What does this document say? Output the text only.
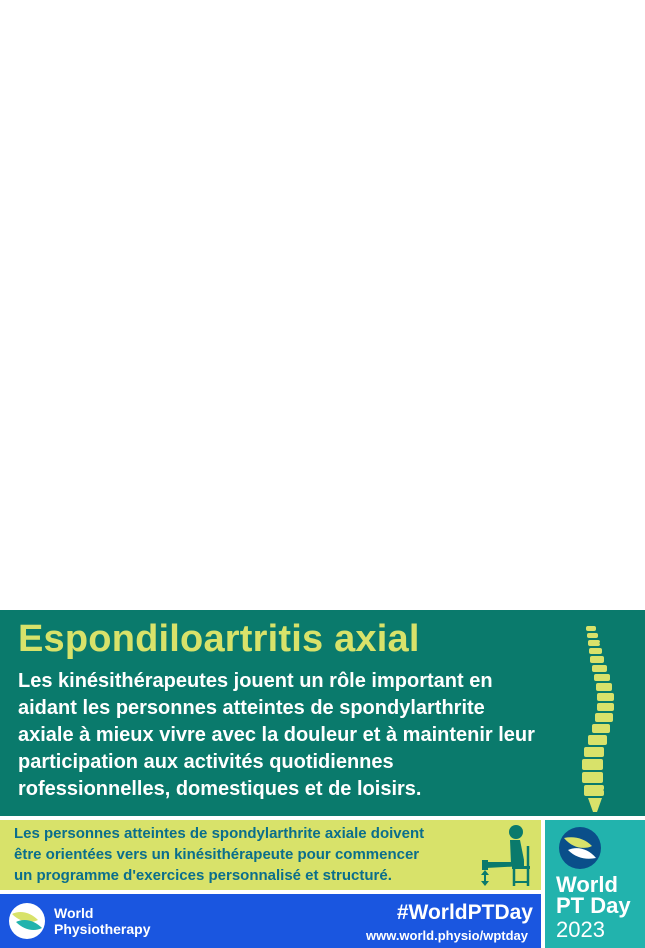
Espondiloartritis axial
Les kinésithérapeutes jouent un rôle important en
aidant les personnes atteintes de spondylarthrite
axiale à mieux vivre avec la douleur et à maintenir leur
participation aux activités quotidiennes
rofessionnelles, domestiques et de loisirs.
Les personnes atteintes de spondylarthrite axiale doivent
être orientées vers un kinésithérapeute pour commencer
un programme d'exercices personnalisé et structuré.	World
PT Day
2023
World
Physiotherapy
#WorldPTDay
www.world.physio/wptday
